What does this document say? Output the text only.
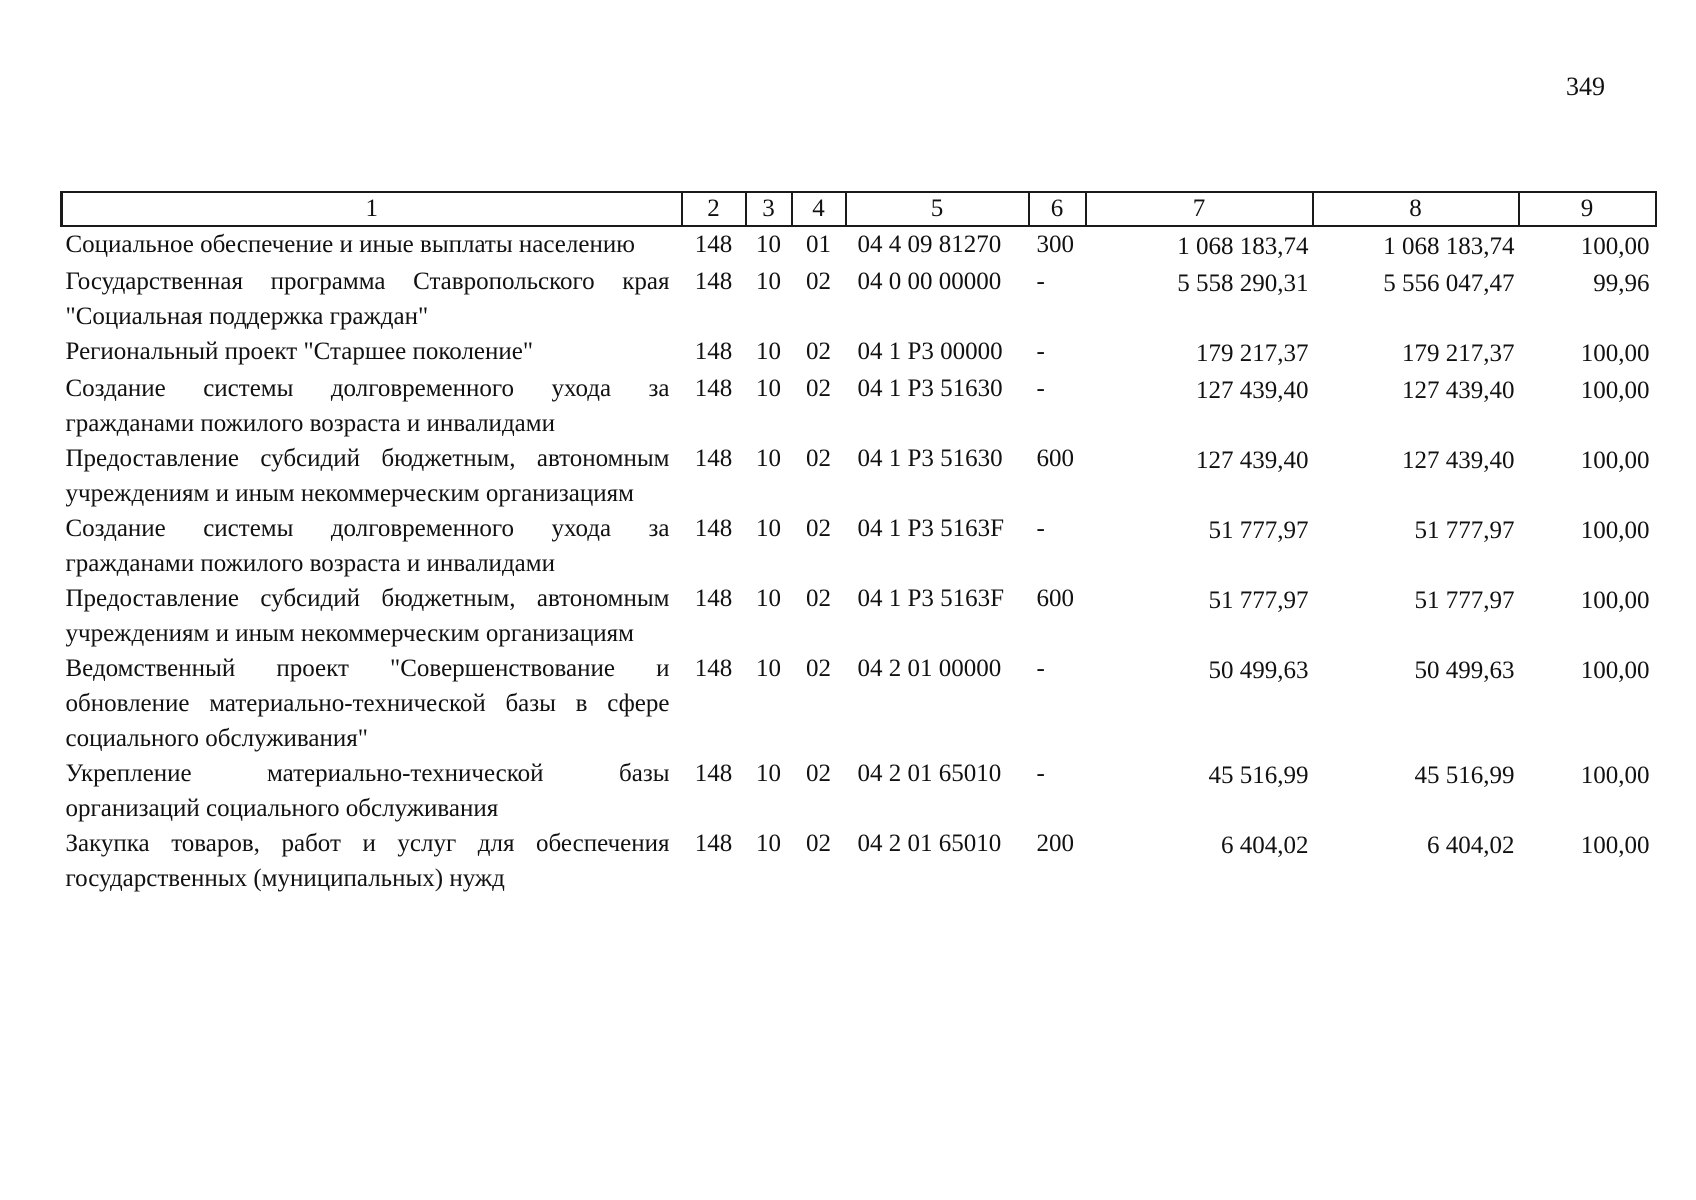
349
1	2	3	4	5	6	7	8	9
Социальное обеспечение и иные выплаты населению	148	10	01	04 4 09 81270	300	1 068 183,74	1 068 183,74	100,00
Государственная программа Ставропольского края "Социальная поддержка граждан"	148	10	02	04 0 00 00000	-	5 558 290,31	5 556 047,47	99,96
Региональный проект "Старшее поколение"	148	10	02	04 1 Р3 00000	-	179 217,37	179 217,37	100,00
Создание системы долговременного ухода за гражданами пожилого возраста и инвалидами	148	10	02	04 1 Р3 51630	-	127 439,40	127 439,40	100,00
Предоставление субсидий бюджетным, автономным учреждениям и иным некоммерческим организациям	148	10	02	04 1 Р3 51630	600	127 439,40	127 439,40	100,00
Создание системы долговременного ухода за гражданами пожилого возраста и инвалидами	148	10	02	04 1 Р3 5163F	-	51 777,97	51 777,97	100,00
Предоставление субсидий бюджетным, автономным учреждениям и иным некоммерческим организациям	148	10	02	04 1 Р3 5163F	600	51 777,97	51 777,97	100,00
Ведомственный проект "Совершенствование и обновление материально-технической базы в сфере социального обслуживания"	148	10	02	04 2 01 00000	-	50 499,63	50 499,63	100,00
Укрепление материально-технической базы организаций социального обслуживания	148	10	02	04 2 01 65010	-	45 516,99	45 516,99	100,00
Закупка товаров, работ и услуг для обеспечения государственных (муниципальных) нужд	148	10	02	04 2 01 65010	200	6 404,02	6 404,02	100,00
